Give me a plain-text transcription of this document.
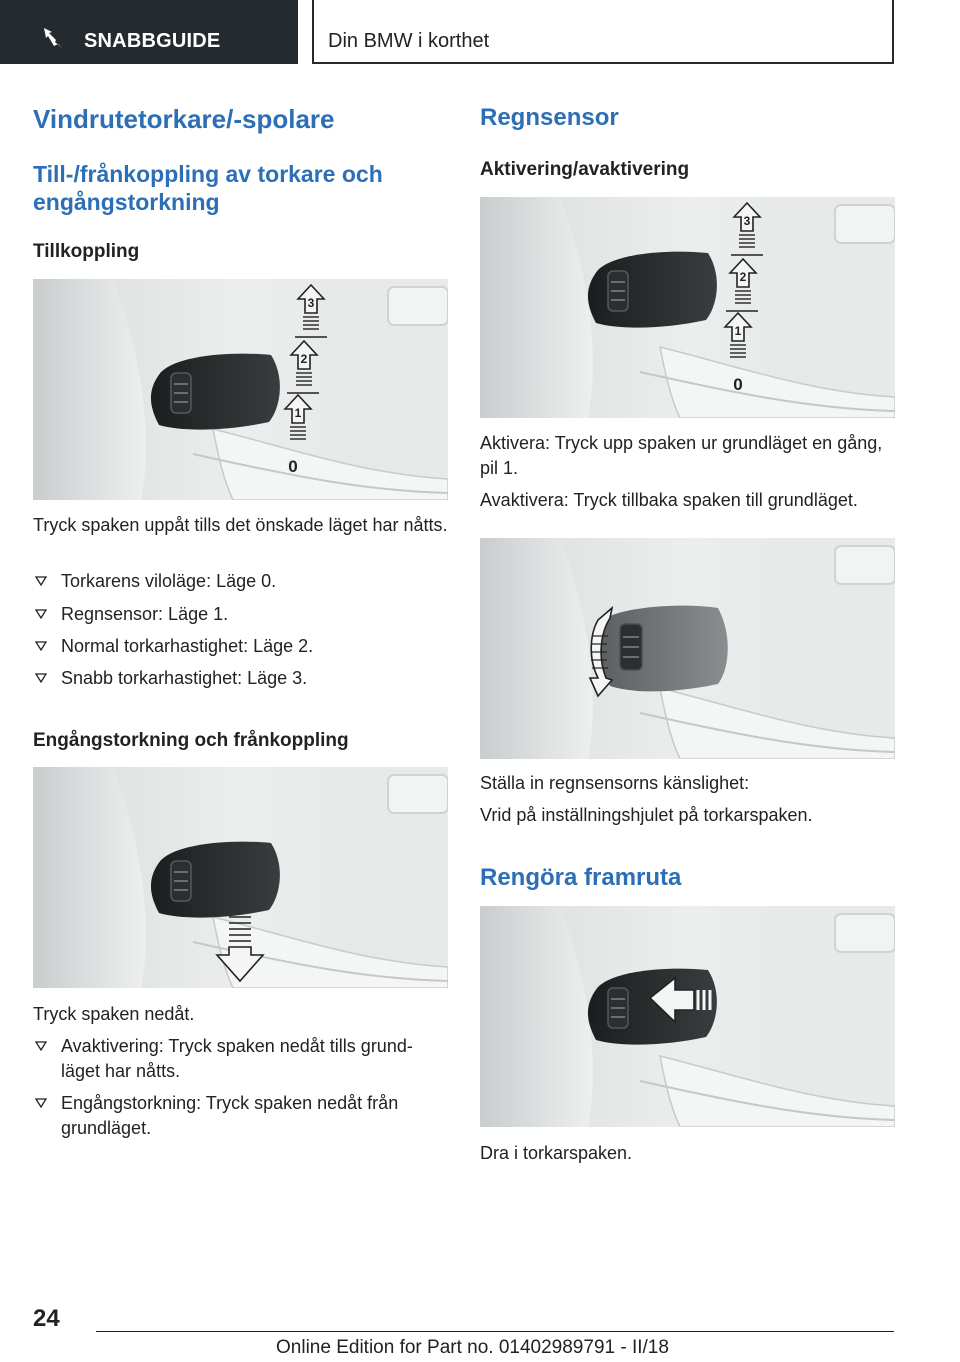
SNABBGUIDE	Din BMW i korthet
Vindrutetorkare/-spolare
Till-/frånkoppling av torkare och engångstorkning
Tillkoppling
3
2
1
0
Tryck spaken uppåt tills det önskade läget har nåtts.
Torkarens viloläge: Läge 0.
Regnsensor: Läge 1.
Normal torkarhastighet: Läge 2.
Snabb torkarhastighet: Läge 3.
Engångstorkning och frånkoppling
Tryck spaken nedåt.
Avaktivering: Tryck spaken nedåt tills grund-läget har nåtts.
Engångstorkning: Tryck spaken nedåt från grundläget.
Regnsensor
Aktivering/avaktivering
3
2
1
0
Aktivera: Tryck upp spaken ur grundläget en gång, pil 1.
Avaktivera: Tryck tillbaka spaken till grundläget.
Ställa in regnsensorns känslighet:
Vrid på inställningshjulet på torkarspaken.
Rengöra framruta
Dra i torkarspaken.
24
Online Edition for Part no. 01402989791 - II/18
